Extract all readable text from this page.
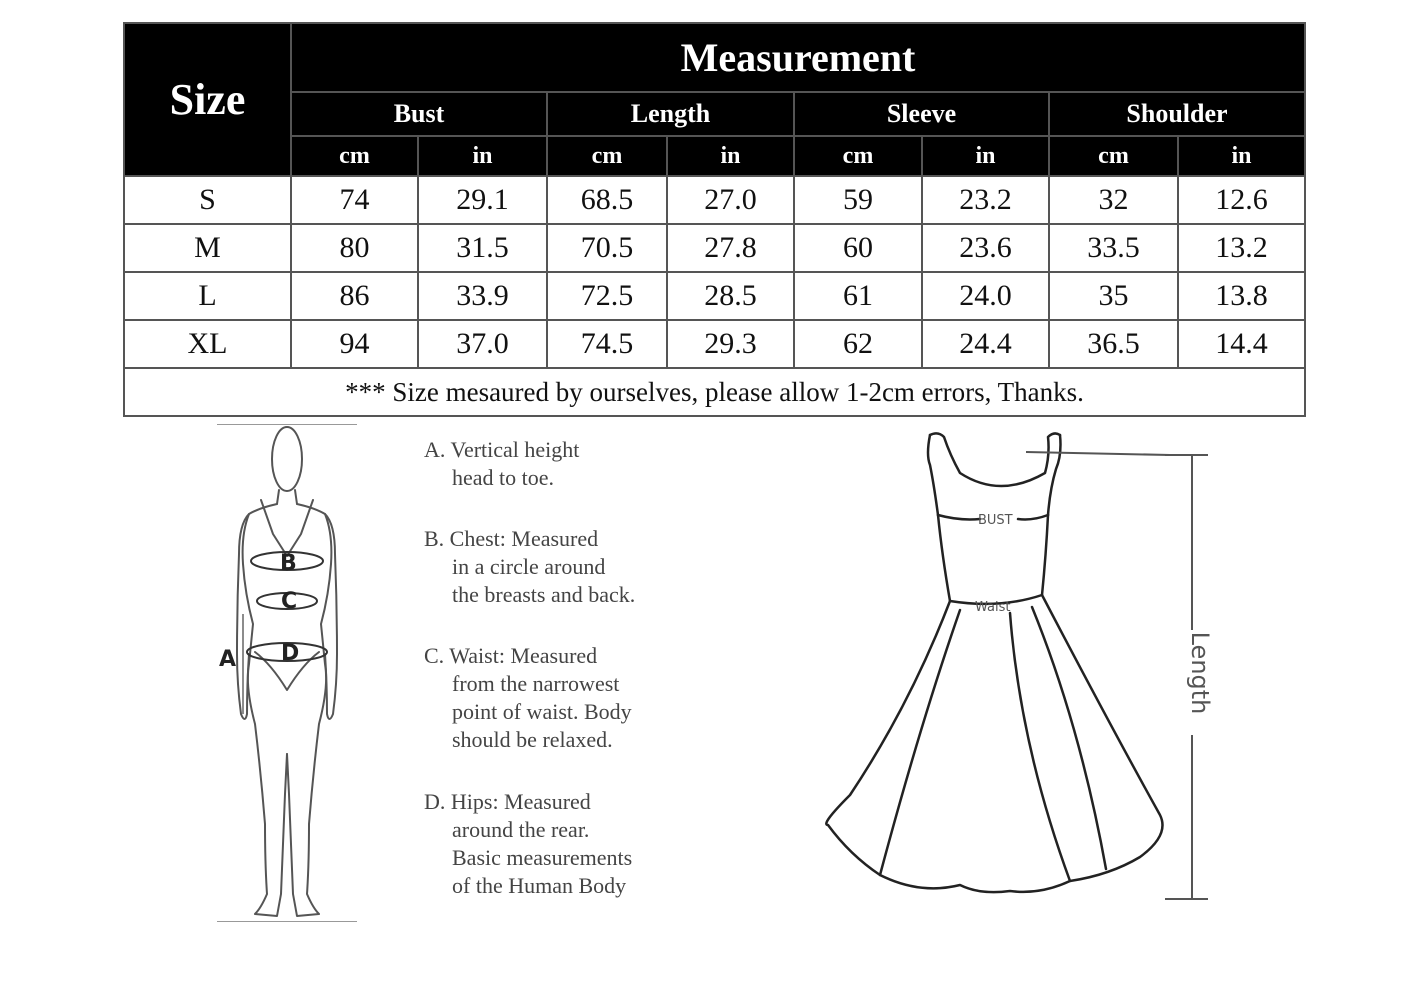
Size	Measurement							
	Bust		Length		Sleeve		Shoulder	
	cm	in	cm	in	cm	in	cm	in
S	74	29.1	68.5	27.0	59	23.2	32	12.6
M	80	31.5	70.5	27.8	60	23.6	33.5	13.2
L	86	33.9	72.5	28.5	61	24.0	35	13.8
XL	94	37.0	74.5	29.3	62	24.4	36.5	14.4
*** Size mesaured by ourselves, please allow 1-2cm errors, Thanks.								
B
C
D
A
A. Vertical height
head to toe.
B. Chest: Measured
in a circle around
the breasts and back.
C. Waist: Measured
from the narrowest
point of waist. Body
should be relaxed.
D. Hips: Measured
around the rear.
Basic measurements
of the Human Body
BUST
Waist
Length
